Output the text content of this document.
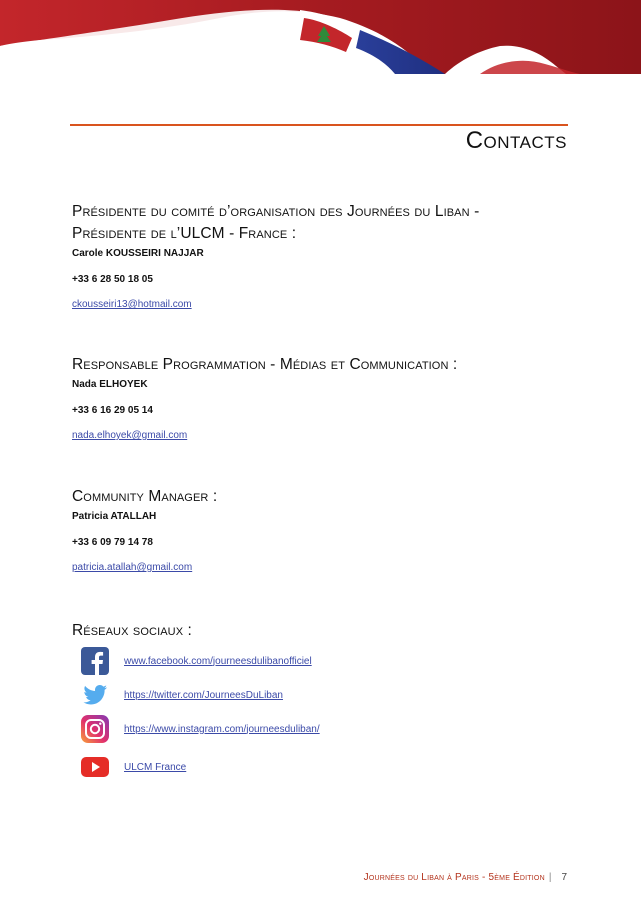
Contacts
Présidente du comité d’organisation des Journées du Liban -
Présidente de l’ULCM - France :
Carole KOUSSEIRI NAJJAR
+33 6 28 50 18 05
ckousseiri13@hotmail.com
Responsable Programmation - Médias et Communication :
Nada ELHOYEK
+33 6 16 29 05 14
nada.elhoyek@gmail.com
Community Manager :
Patricia ATALLAH
+33 6 09 79 14 78
patricia.atallah@gmail.com
Réseaux sociaux :
www.facebook.com/journeesdulibanofficiel
https://twitter.com/JourneesDuLiban
https://www.instagram.com/journeesduliban/
ULCM France
Journées du Liban à Paris - 5ème Édition | 7
